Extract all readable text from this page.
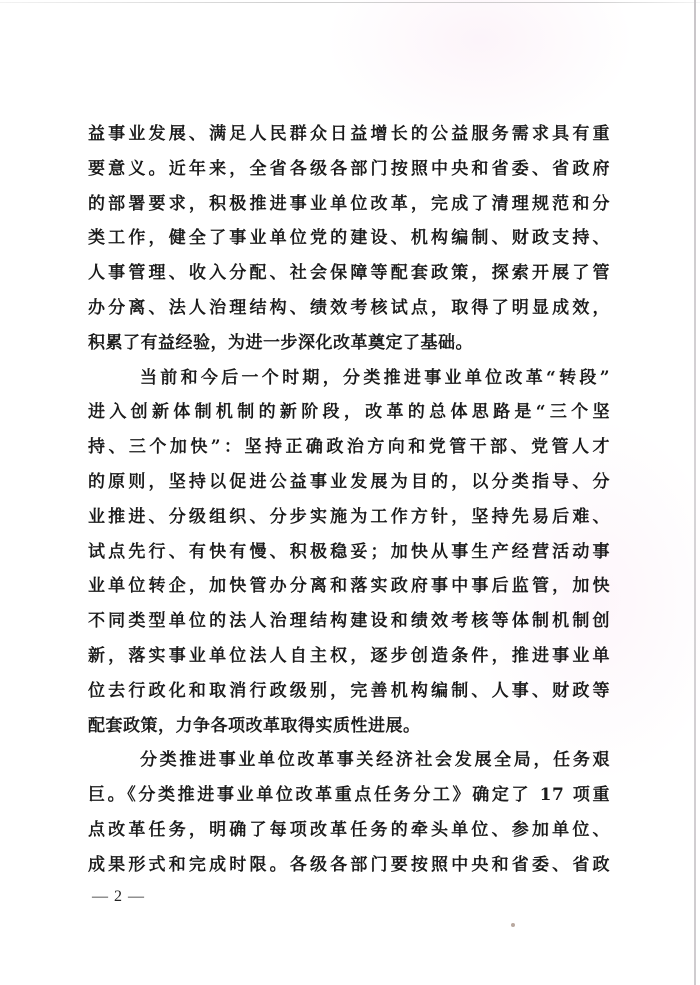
益事业发展、满足人民群众日益增长的公益服务需求具有重
要意义。近年来，全省各级各部门按照中央和省委、省政府
的部署要求，积极推进事业单位改革，完成了清理规范和分
类工作，健全了事业单位党的建设、机构编制、财政支持、
人事管理、收入分配、社会保障等配套政策，探索开展了管
办分离、法人治理结构、绩效考核试点，取得了明显成效，
积累了有益经验，为进一步深化改革奠定了基础。
当前和今后一个时期，分类推进事业单位改革“转段”
进入创新体制机制的新阶段，改革的总体思路是“三个坚
持、三个加快”：坚持正确政治方向和党管干部、党管人才
的原则，坚持以促进公益事业发展为目的，以分类指导、分
业推进、分级组织、分步实施为工作方针，坚持先易后难、
试点先行、有快有慢、积极稳妥；加快从事生产经营活动事
业单位转企，加快管办分离和落实政府事中事后监管，加快
不同类型单位的法人治理结构建设和绩效考核等体制机制创
新，落实事业单位法人自主权，逐步创造条件，推进事业单
位去行政化和取消行政级别，完善机构编制、人事、财政等
配套政策，力争各项改革取得实质性进展。
分类推进事业单位改革事关经济社会发展全局，任务艰
巨。《分类推进事业单位改革重点任务分工》确定了 17 项重
点改革任务，明确了每项改革任务的牵头单位、参加单位、
成果形式和完成时限。各级各部门要按照中央和省委、省政
— 2 —
